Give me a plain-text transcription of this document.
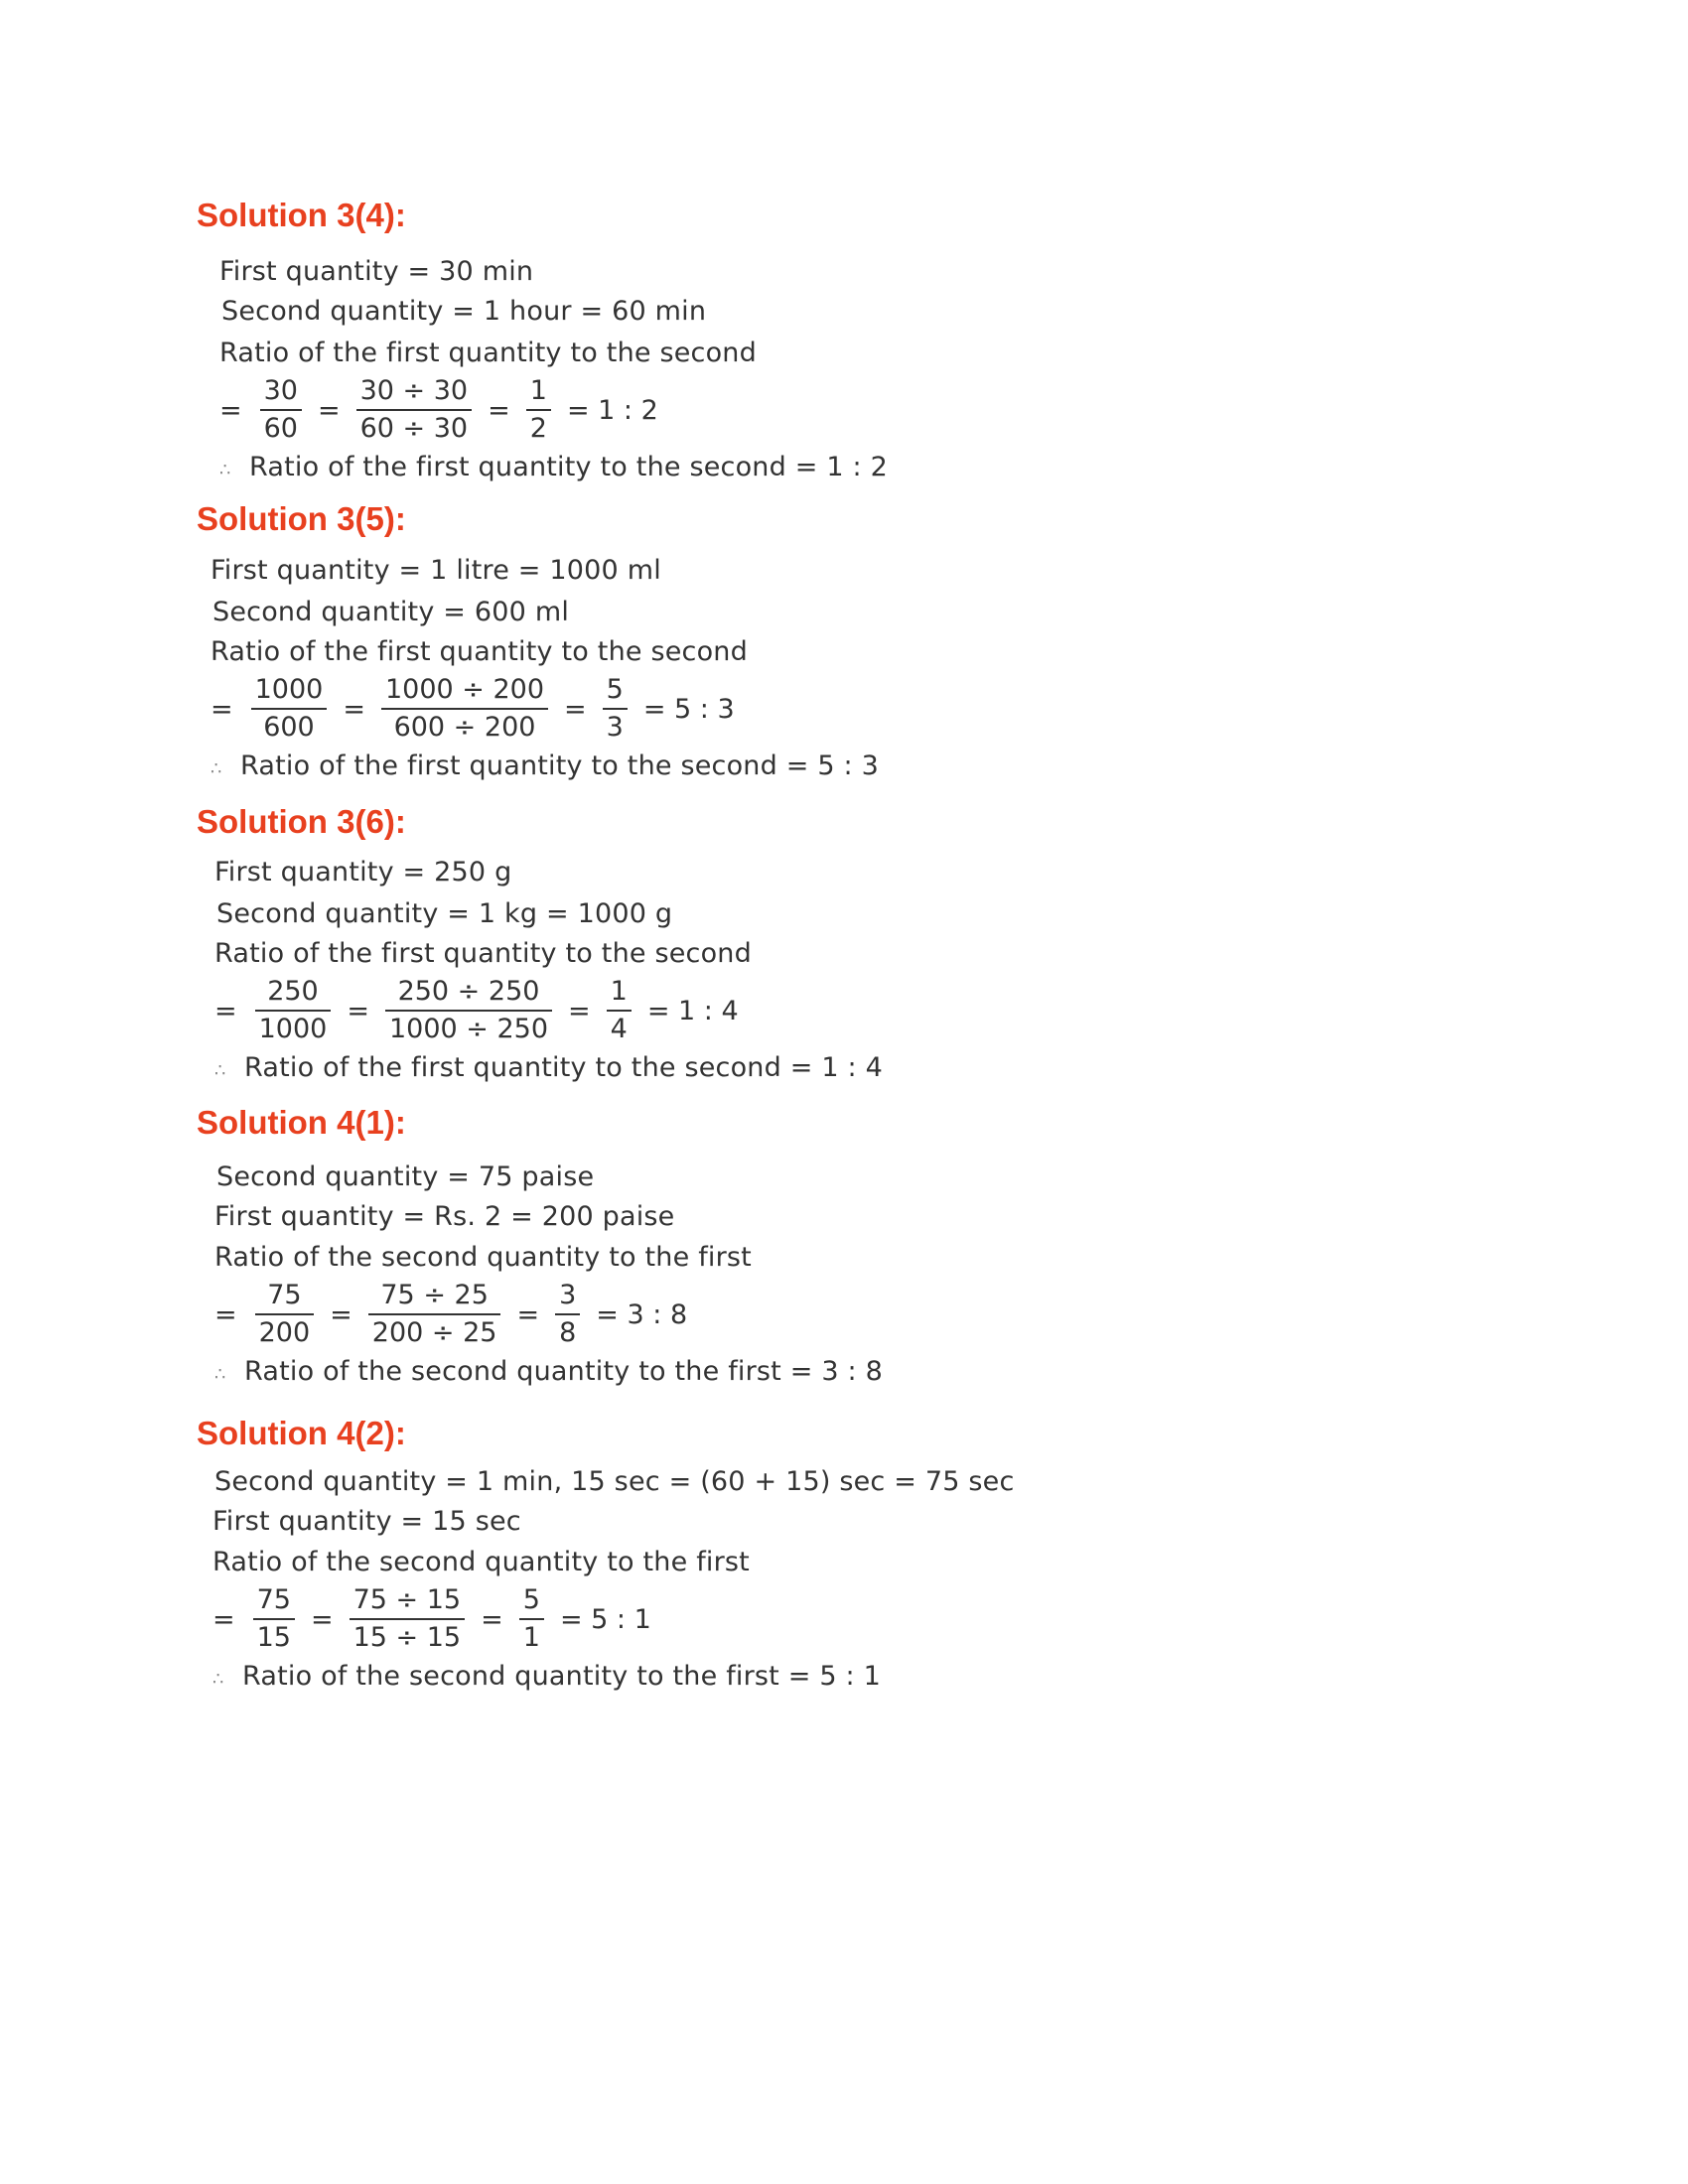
Solution 3(4):
First quantity = 30 min
Second quantity = 1 hour = 60 min
Ratio of the first quantity to the second
= $\frac{30}{60} = \frac{30 \div 30}{60 \div 30} = \frac{1}{2} = 1$ : 2
∴ Ratio of the first quantity to the second = 1 : 2
Solution 3(5):
First quantity = 1 litre = 1000 ml
Second quantity = 600 ml
Ratio of the first quantity to the second
= $\frac{1000}{600} = \frac{1000 \div 200}{600 \div 200} = \frac{5}{3} = 5$ : 3
∴ Ratio of the first quantity to the second = 5 : 3
Solution 3(6):
First quantity = 250 g
Second quantity = 1 kg = 1000 g
Ratio of the first quantity to the second
= $\frac{250}{1000} = \frac{250 \div 250}{1000 \div 250} = \frac{1}{4} = 1$ : 4
∴ Ratio of the first quantity to the second = 1 : 4
Solution 4(1):
Second quantity = 75 paise
First quantity = Rs. 2 = 200 paise
Ratio of the second quantity to the first
= $\frac{75}{200} = \frac{75 \div 25}{200 \div 25} = \frac{3}{8} = 3$ : 8
∴ Ratio of the second quantity to the first = 3 : 8
Solution 4(2):
Second quantity = 1 min, 15 sec = (60 + 15) sec = 75 sec
First quantity = 15 sec
Ratio of the second quantity to the first
= $\frac{75}{15} = \frac{75 \div 15}{15 \div 15} = \frac{5}{1} = 5$ : 1
∴ Ratio of the second quantity to the first = 5 : 1
